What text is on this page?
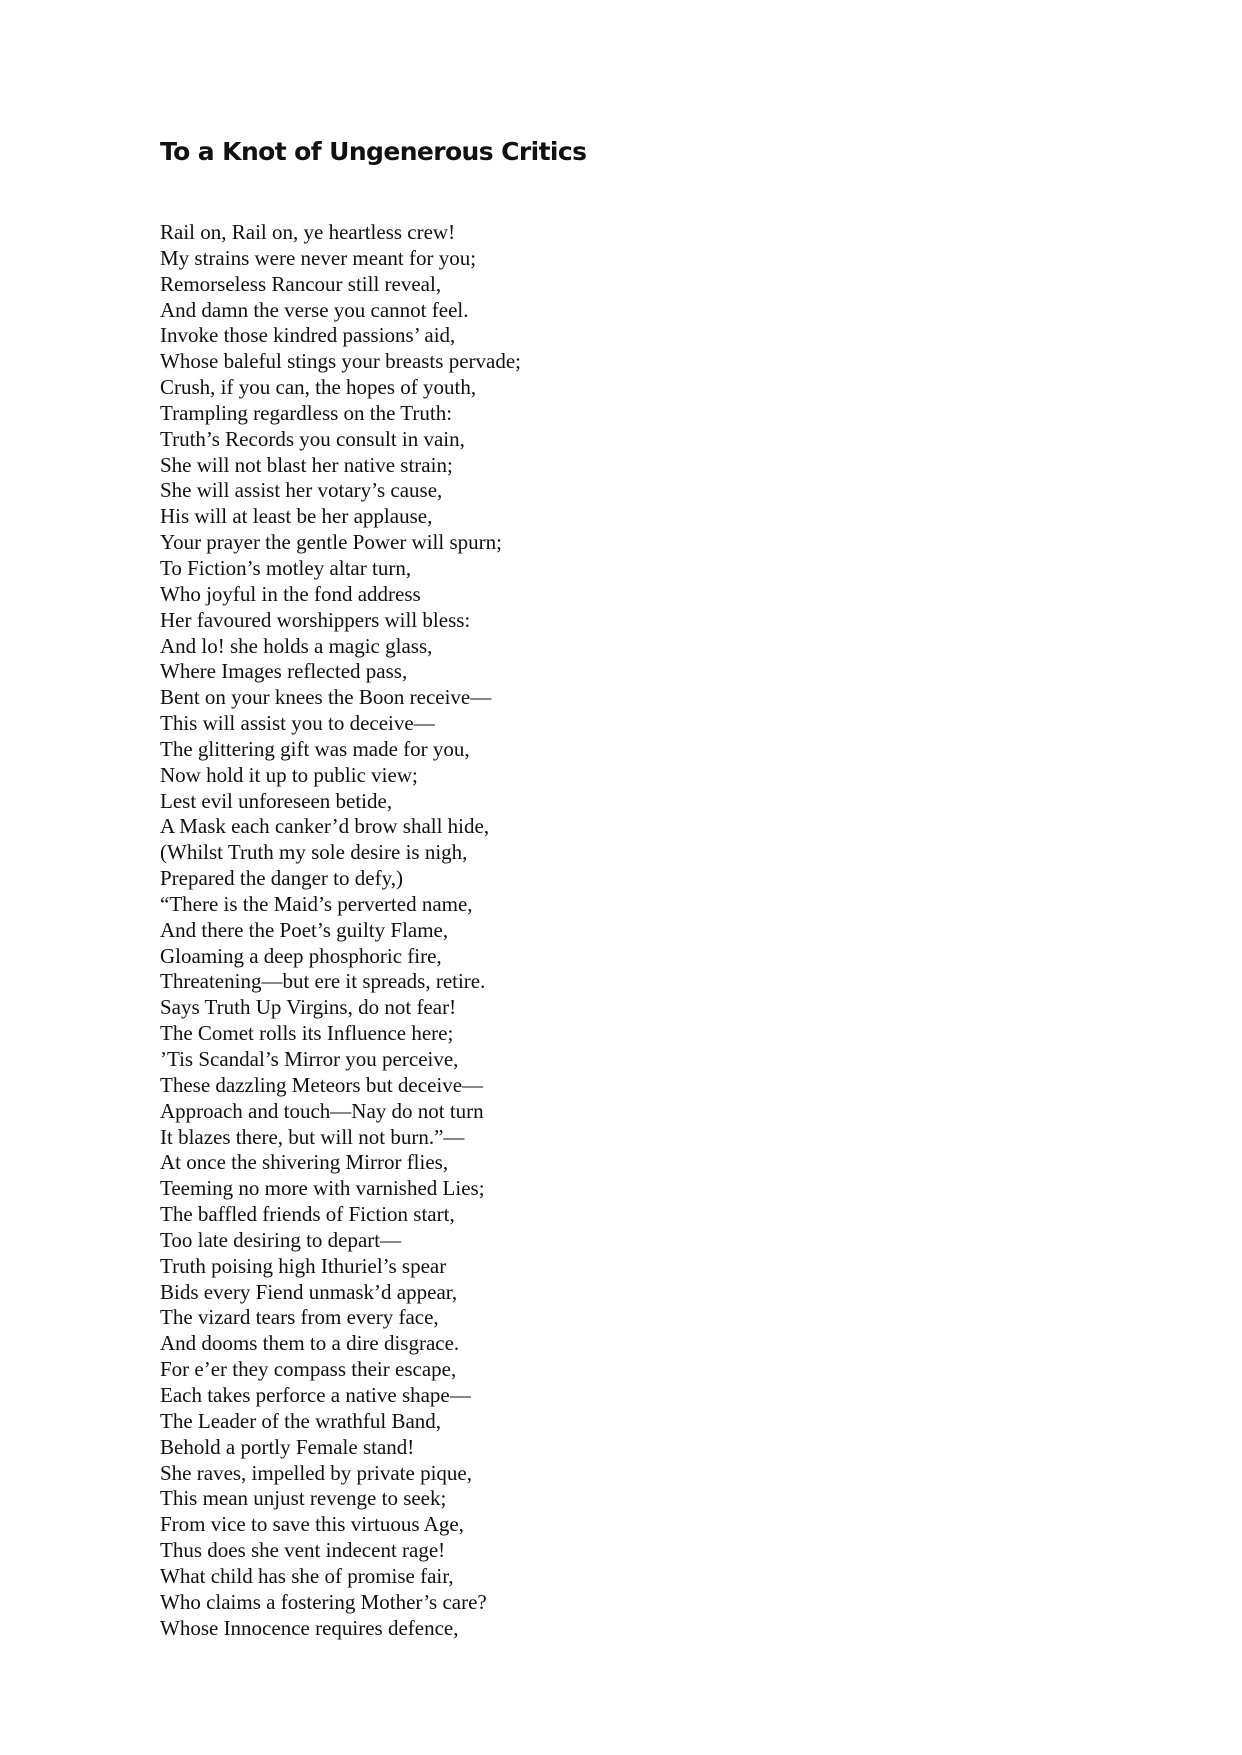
To a Knot of Ungenerous Critics
Rail on, Rail on, ye heartless crew!
My strains were never meant for you;
Remorseless Rancour still reveal,
And damn the verse you cannot feel.
Invoke those kindred passions’ aid,
Whose baleful stings your breasts pervade;
Crush, if you can, the hopes of youth,
Trampling regardless on the Truth:
Truth’s Records you consult in vain,
She will not blast her native strain;
She will assist her votary’s cause,
His will at least be her applause,
Your prayer the gentle Power will spurn;
To Fiction’s motley altar turn,
Who joyful in the fond address
Her favoured worshippers will bless:
And lo! she holds a magic glass,
Where Images reflected pass,
Bent on your knees the Boon receive—
This will assist you to deceive—
The glittering gift was made for you,
Now hold it up to public view;
Lest evil unforeseen betide,
A Mask each canker’d brow shall hide,
(Whilst Truth my sole desire is nigh,
Prepared the danger to defy,)
“There is the Maid’s perverted name,
And there the Poet’s guilty Flame,
Gloaming a deep phosphoric fire,
Threatening—but ere it spreads, retire.
Says Truth Up Virgins, do not fear!
The Comet rolls its Influence here;
’Tis Scandal’s Mirror you perceive,
These dazzling Meteors but deceive—
Approach and touch—Nay do not turn
It blazes there, but will not burn.”—
At once the shivering Mirror flies,
Teeming no more with varnished Lies;
The baffled friends of Fiction start,
Too late desiring to depart—
Truth poising high Ithuriel’s spear
Bids every Fiend unmask’d appear,
The vizard tears from every face,
And dooms them to a dire disgrace.
For e’er they compass their escape,
Each takes perforce a native shape—
The Leader of the wrathful Band,
Behold a portly Female stand!
She raves, impelled by private pique,
This mean unjust revenge to seek;
From vice to save this virtuous Age,
Thus does she vent indecent rage!
What child has she of promise fair,
Who claims a fostering Mother’s care?
Whose Innocence requires defence,
